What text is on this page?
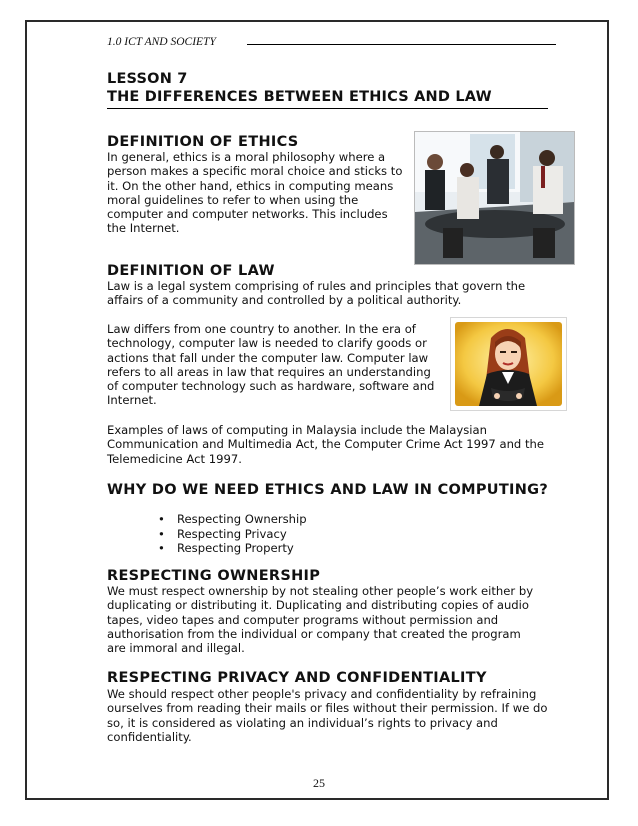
1.0 ICT AND SOCIETY
LESSON 7
THE DIFFERENCES BETWEEN ETHICS AND LAW
DEFINITION OF ETHICS

In general, ethics is a moral philosophy where a
person makes a specific moral choice and sticks to
it. On the other hand, ethics in computing means
moral guidelines to refer to when using the
computer and computer networks. This includes
the Internet.

DEFINITION OF LAW

Law is a legal system comprising of rules and principles that govern the
affairs of a community and controlled by a political authority.

Law differs from one country to another. In the era of
technology, computer law is needed to clarify goods or
actions that fall under the computer law. Computer law
refers to all areas in law that requires an understanding
of computer technology such as hardware, software and
Internet.

Examples of laws of computing in Malaysia include the Malaysian
Communication and Multimedia Act, the Computer Crime Act 1997 and the
Telemedicine Act 1997.

WHY DO WE NEED ETHICS AND LAW IN COMPUTING?
• Respecting Ownership
• Respecting Privacy
• Respecting Property
RESPECTING OWNERSHIP

We must respect ownership by not stealing other people’s work either by
duplicating or distributing it. Duplicating and distributing copies of audio
tapes, video tapes and computer programs without permission and
authorisation from the individual or company that created the program
are immoral and illegal.

RESPECTING PRIVACY AND CONFIDENTIALITY

We should respect other people's privacy and confidentiality by refraining
ourselves from reading their mails or files without their permission. If we do
so, it is considered as violating an individual’s rights to privacy and
confidentiality.

25
